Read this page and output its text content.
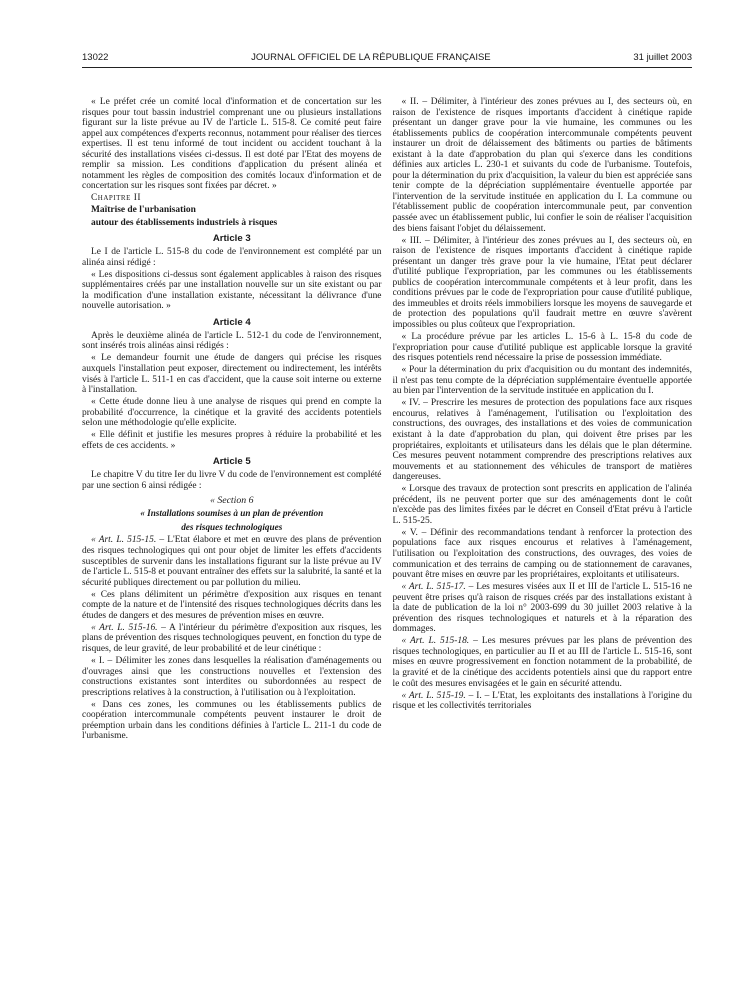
13022	JOURNAL OFFICIEL DE LA RÉPUBLIQUE FRANÇAISE	31 juillet 2003

« Le préfet crée un comité local d'information et de concertation sur les risques pour tout bassin industriel comprenant une ou plusieurs installations figurant sur la liste prévue au IV de l'article L. 515-8. Ce comité peut faire appel aux compétences d'experts reconnus, notamment pour réaliser des tierces expertises. Il est tenu informé de tout incident ou accident touchant à la sécurité des installations visées ci-dessus. Il est doté par l'Etat des moyens de remplir sa mission. Les conditions d'application du présent alinéa et notamment les règles de composition des comités locaux d'information et de concertation sur les risques sont fixées par décret. »

Chapitre II

Maîtrise de l'urbanisation

autour des établissements industriels à risques

Article 3

Le I de l'article L. 515-8 du code de l'environnement est complété par un alinéa ainsi rédigé :

« Les dispositions ci-dessus sont également applicables à raison des risques supplémentaires créés par une installation nouvelle sur un site existant ou par la modification d'une installation existante, nécessitant la délivrance d'une nouvelle autorisation. »

Article 4

Après le deuxième alinéa de l'article L. 512-1 du code de l'environnement, sont insérés trois alinéas ainsi rédigés :

« Le demandeur fournit une étude de dangers qui précise les risques auxquels l'installation peut exposer, directement ou indirectement, les intérêts visés à l'article L. 511-1 en cas d'accident, que la cause soit interne ou externe à l'installation.

« Cette étude donne lieu à une analyse de risques qui prend en compte la probabilité d'occurrence, la cinétique et la gravité des accidents potentiels selon une méthodologie qu'elle explicite.

« Elle définit et justifie les mesures propres à réduire la probabilité et les effets de ces accidents. »

Article 5

Le chapitre V du titre Ier du livre V du code de l'environnement est complété par une section 6 ainsi rédigée :

« Section 6
« Installations soumises à un plan de prévention
des risques technologiques

« Art. L. 515-15. – L'Etat élabore et met en œuvre des plans de prévention des risques technologiques qui ont pour objet de limiter les effets d'accidents susceptibles de survenir dans les installations figurant sur la liste prévue au IV de l'article L. 515-8 et pouvant entraîner des effets sur la salubrité, la santé et la sécurité publiques directement ou par pollution du milieu.

« Ces plans délimitent un périmètre d'exposition aux risques en tenant compte de la nature et de l'intensité des risques technologiques décrits dans les études de dangers et des mesures de prévention mises en œuvre.

« Art. L. 515-16. – A l'intérieur du périmètre d'exposition aux risques, les plans de prévention des risques technologiques peuvent, en fonction du type de risques, de leur gravité, de leur probabilité et de leur cinétique :

« I. – Délimiter les zones dans lesquelles la réalisation d'aménagements ou d'ouvrages ainsi que les constructions nouvelles et l'extension des constructions existantes sont interdites ou subordonnées au respect de prescriptions relatives à la construction, à l'utilisation ou à l'exploitation.

« Dans ces zones, les communes ou les établissements publics de coopération intercommunale compétents peuvent instaurer le droit de préemption urbain dans les conditions définies à l'article L. 211-1 du code de l'urbanisme.

« II. – Délimiter, à l'intérieur des zones prévues au I, des secteurs où, en raison de l'existence de risques importants d'accident à cinétique rapide présentant un danger grave pour la vie humaine, les communes ou les établissements publics de coopération intercommunale compétents peuvent instaurer un droit de délaissement des bâtiments ou parties de bâtiments existant à la date d'approbation du plan qui s'exerce dans les conditions définies aux articles L. 230-1 et suivants du code de l'urbanisme. Toutefois, pour la détermination du prix d'acquisition, la valeur du bien est appréciée sans tenir compte de la dépréciation supplémentaire éventuelle apportée par l'intervention de la servitude instituée en application du I. La commune ou l'établissement public de coopération intercommunale peut, par convention passée avec un établissement public, lui confier le soin de réaliser l'acquisition des biens faisant l'objet du délaissement.

« III. – Délimiter, à l'intérieur des zones prévues au I, des secteurs où, en raison de l'existence de risques importants d'accident à cinétique rapide présentant un danger très grave pour la vie humaine, l'Etat peut déclarer d'utilité publique l'expropriation, par les communes ou les établissements publics de coopération intercommunale compétents et à leur profit, dans les conditions prévues par le code de l'expropriation pour cause d'utilité publique, des immeubles et droits réels immobiliers lorsque les moyens de sauvegarde et de protection des populations qu'il faudrait mettre en œuvre s'avèrent impossibles ou plus coûteux que l'expropriation.

« La procédure prévue par les articles L. 15-6 à L. 15-8 du code de l'expropriation pour cause d'utilité publique est applicable lorsque la gravité des risques potentiels rend nécessaire la prise de possession immédiate.

« Pour la détermination du prix d'acquisition ou du montant des indemnités, il n'est pas tenu compte de la dépréciation supplémentaire éventuelle apportée au bien par l'intervention de la servitude instituée en application du I.

« IV. – Prescrire les mesures de protection des populations face aux risques encourus, relatives à l'aménagement, l'utilisation ou l'exploitation des constructions, des ouvrages, des installations et des voies de communication existant à la date d'approbation du plan, qui doivent être prises par les propriétaires, exploitants et utilisateurs dans les délais que le plan détermine. Ces mesures peuvent notamment comprendre des prescriptions relatives aux mouvements et au stationnement des véhicules de transport de matières dangereuses.

« Lorsque des travaux de protection sont prescrits en application de l'alinéa précédent, ils ne peuvent porter que sur des aménagements dont le coût n'excède pas des limites fixées par le décret en Conseil d'Etat prévu à l'article L. 515-25.

« V. – Définir des recommandations tendant à renforcer la protection des populations face aux risques encourus et relatives à l'aménagement, l'utilisation ou l'exploitation des constructions, des ouvrages, des voies de communication et des terrains de camping ou de stationnement de caravanes, pouvant être mises en œuvre par les propriétaires, exploitants et utilisateurs.

« Art. L. 515-17. – Les mesures visées aux II et III de l'article L. 515-16 ne peuvent être prises qu'à raison de risques créés par des installations existant à la date de publication de la loi n° 2003-699 du 30 juillet 2003 relative à la prévention des risques technologiques et naturels et à la réparation des dommages.

« Art. L. 515-18. – Les mesures prévues par les plans de prévention des risques technologiques, en particulier au II et au III de l'article L. 515-16, sont mises en œuvre progressivement en fonction notamment de la probabilité, de la gravité et de la cinétique des accidents potentiels ainsi que du rapport entre le coût des mesures envisagées et le gain en sécurité attendu.

« Art. L. 515-19. – I. – L'Etat, les exploitants des installations à l'origine du risque et les collectivités territoriales
